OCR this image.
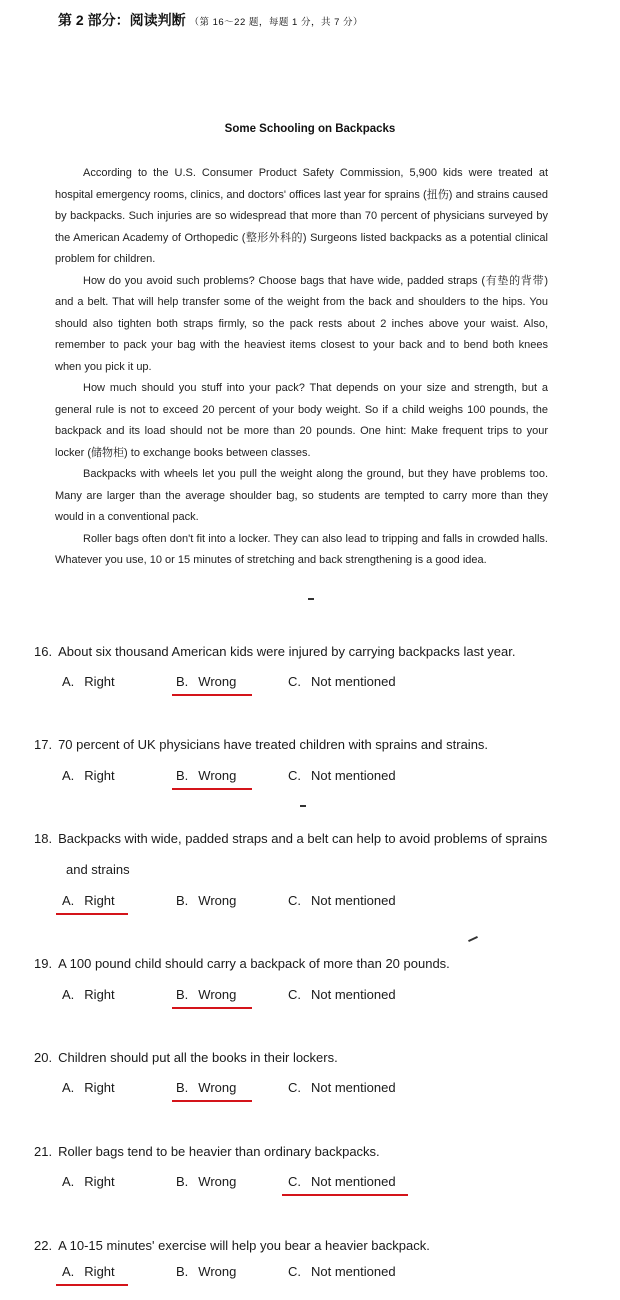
第 2 部分：阅读判断 （第 16～22 题，每题 1 分，共 7 分）
Some Schooling on Backpacks

According to the U.S. Consumer Product Safety Commission, 5,900 kids were treated at hospital emergency rooms, clinics, and doctors' offices last year for sprains (扭伤) and strains caused by backpacks. Such injuries are so widespread that more than 70 percent of physicians surveyed by the American Academy of Orthopedic (整形外科的) Surgeons listed backpacks as a potential clinical problem for children.

How do you avoid such problems? Choose bags that have wide, padded straps (有垫的背带) and a belt. That will help transfer some of the weight from the back and shoulders to the hips. You should also tighten both straps firmly, so the pack rests about 2 inches above your waist. Also, remember to pack your bag with the heaviest items closest to your back and to bend both knees when you pick it up.

How much should you stuff into your pack? That depends on your size and strength, but a general rule is not to exceed 20 percent of your body weight. So if a child weighs 100 pounds, the backpack and its load should not be more than 20 pounds. One hint: Make frequent trips to your locker (储物柜) to exchange books between classes.

Backpacks with wheels let you pull the weight along the ground, but they have problems too. Many are larger than the average shoulder bag, so students are tempted to carry more than they would in a conventional pack.

Roller bags often don't fit into a locker. They can also lead to tripping and falls in crowded halls. Whatever you use, 10 or 15 minutes of stretching and back strengthening is a good idea.

16. About six thousand American kids were injured by carrying backpacks last year.
A. Right	B. Wrong	C. Not mentioned
17. 70 percent of UK physicians have treated children with sprains and strains.
A. Right	B. Wrong	C. Not mentioned
18. Backpacks with wide, padded straps and a belt can help to avoid problems of sprains
and strains
A. Right	B. Wrong	C. Not mentioned
19. A 100 pound child should carry a backpack of more than 20 pounds.
A. Right	B. Wrong	C. Not mentioned
20. Children should put all the books in their lockers.
A. Right	B. Wrong	C. Not mentioned
21. Roller bags tend to be heavier than ordinary backpacks.
A. Right	B. Wrong	C. Not mentioned
22. A 10-15 minutes' exercise will help you bear a heavier backpack.
A. Right	B. Wrong	C. Not mentioned
